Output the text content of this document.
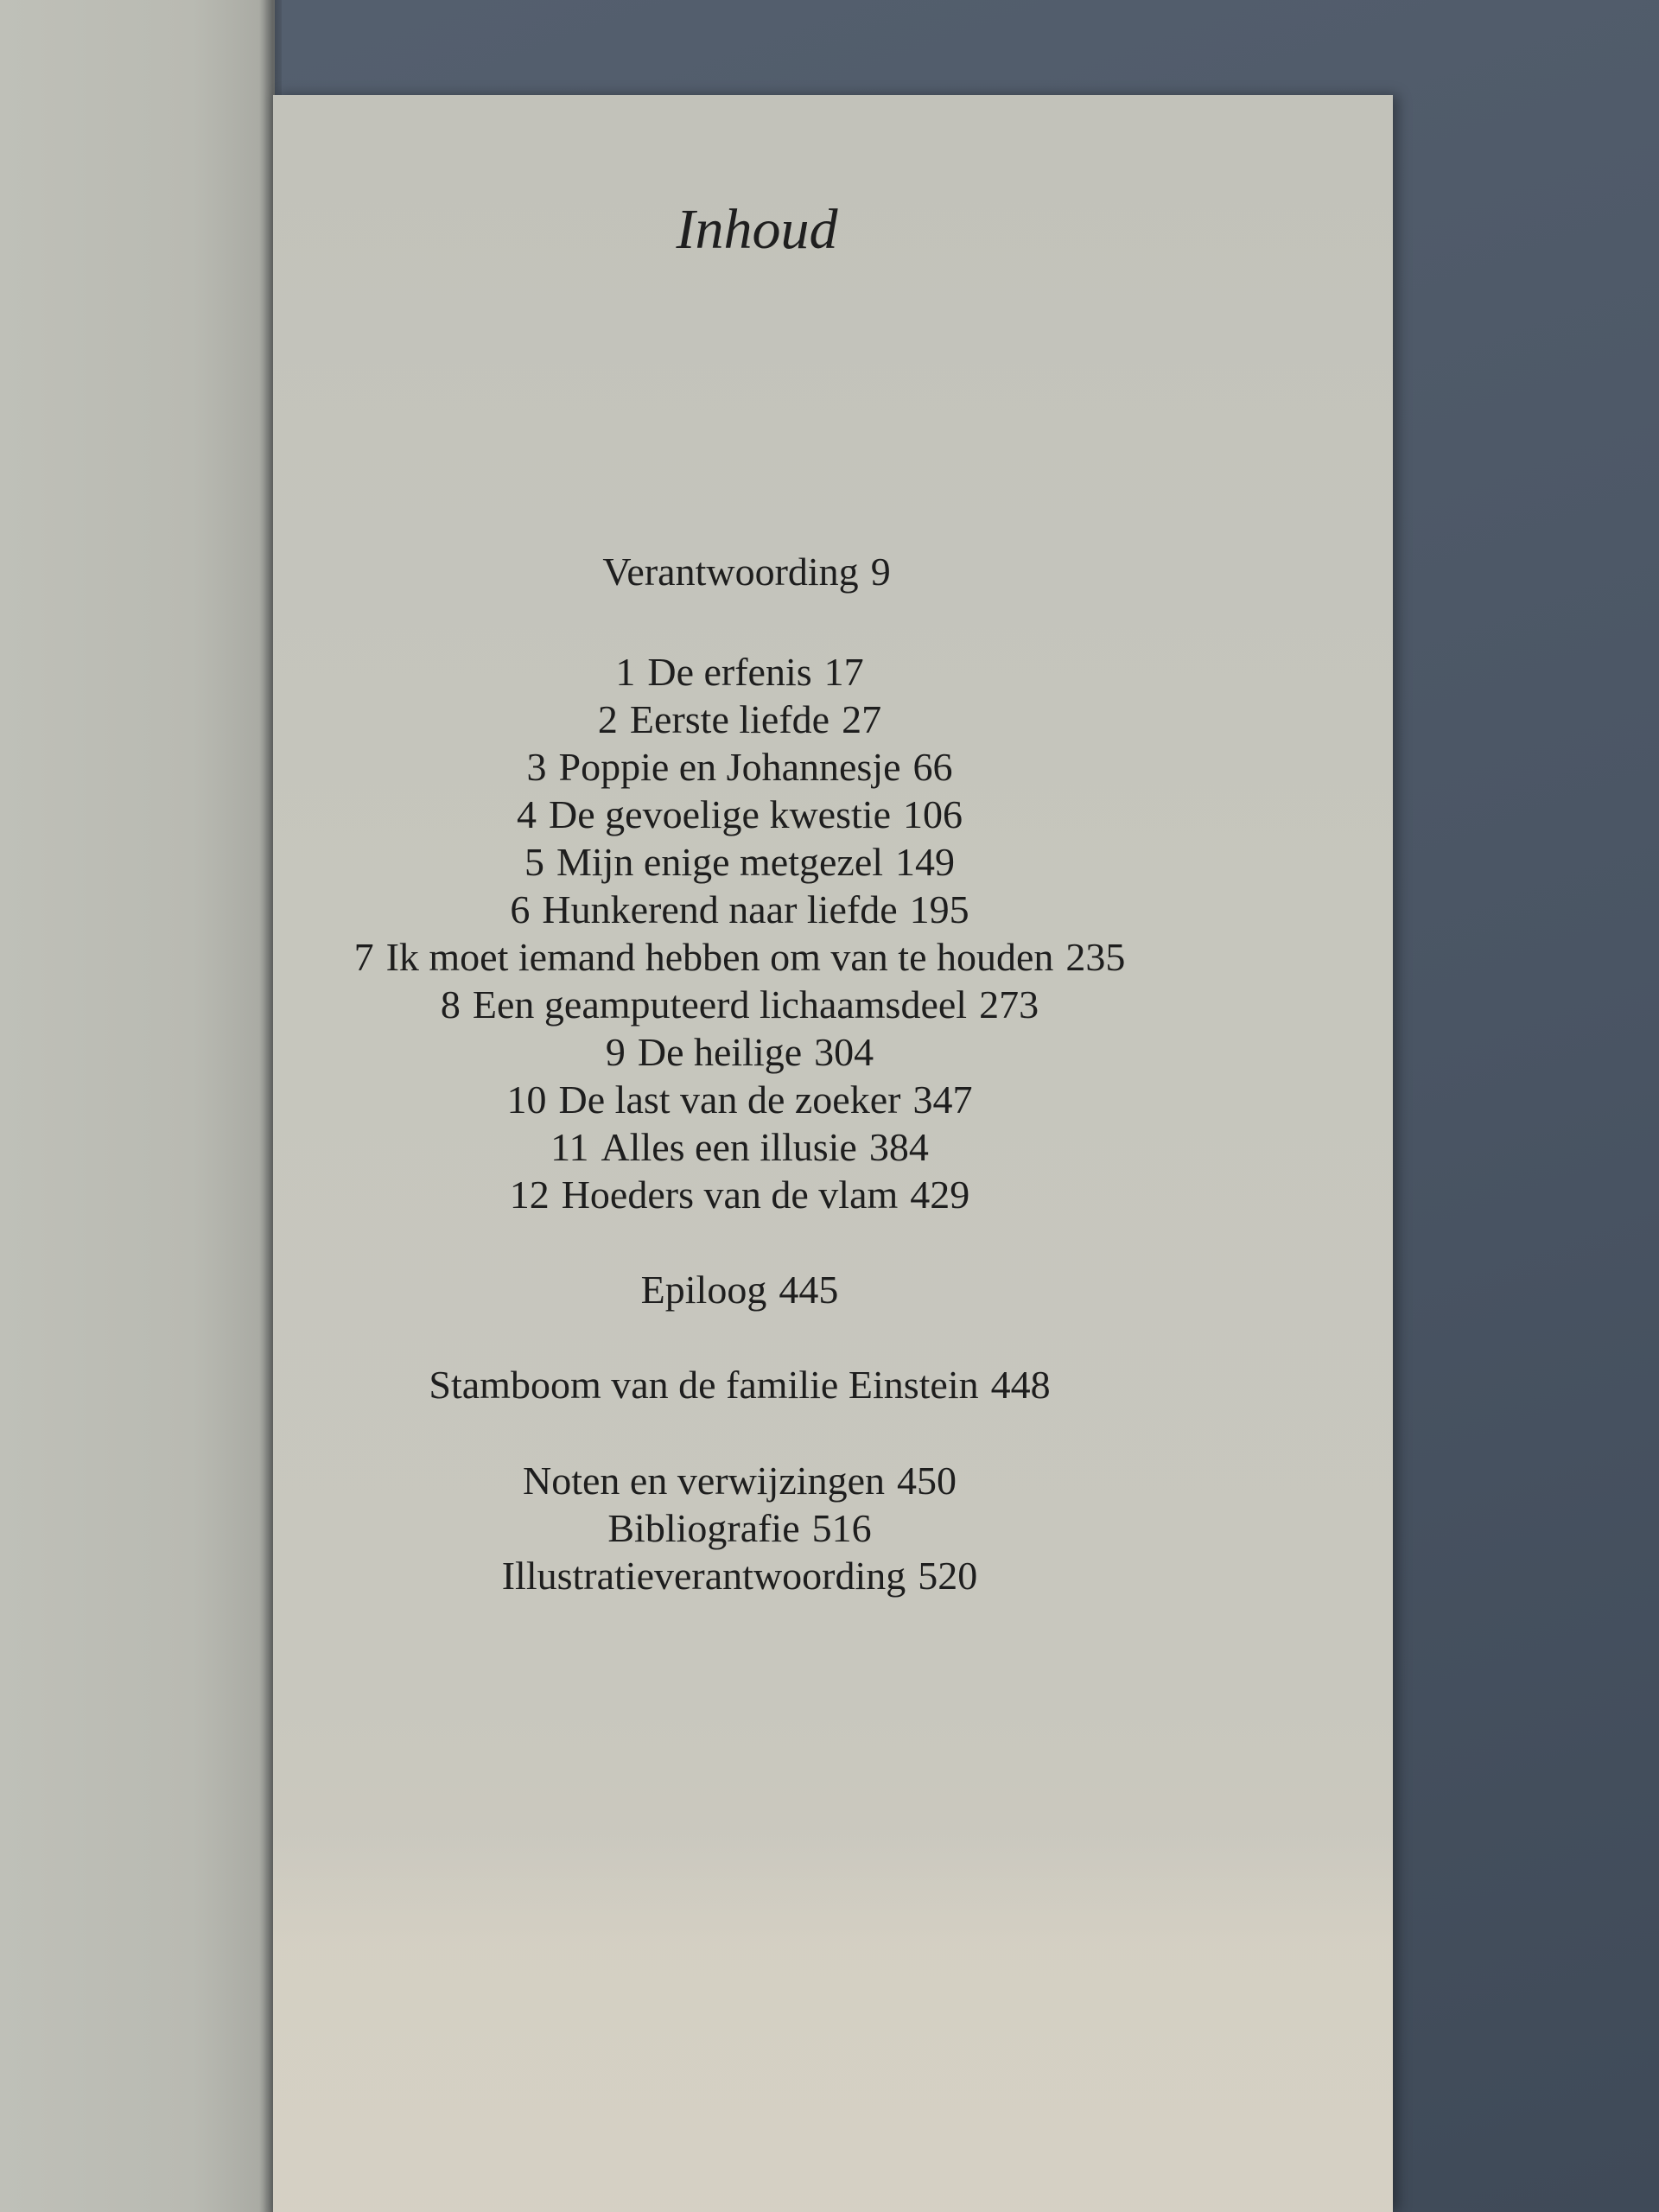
Inhoud
Verantwoording 9
1 De erfenis 17
2 Eerste liefde 27
3 Poppie en Johannesje 66
4 De gevoelige kwestie 106
5 Mijn enige metgezel 149
6 Hunkerend naar liefde 195
7 Ik moet iemand hebben om van te houden 235
8 Een geamputeerd lichaamsdeel 273
9 De heilige 304
10 De last van de zoeker 347
11 Alles een illusie 384
12 Hoeders van de vlam 429
Epiloog 445
Stamboom van de familie Einstein 448
Noten en verwijzingen 450
Bibliografie 516
Illustratieverantwoording 520
